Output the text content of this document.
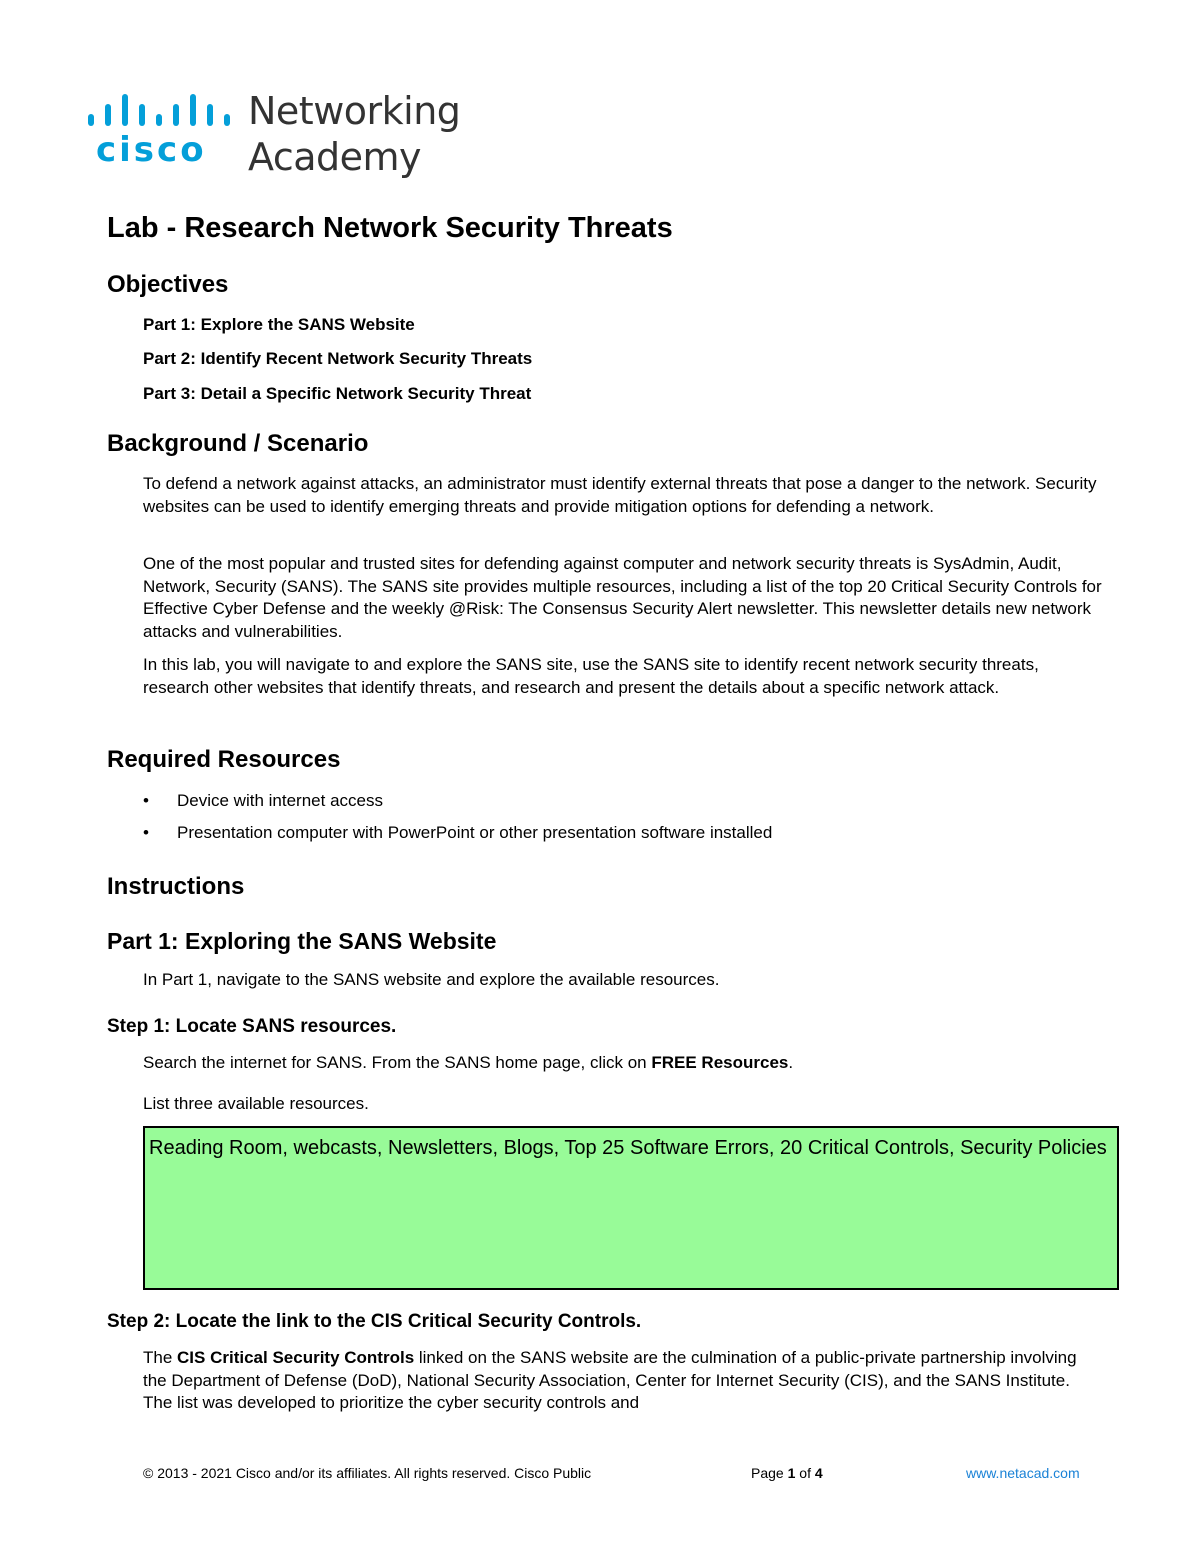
cisco
Networking
Academy
Lab - Research Network Security Threats
Objectives
Part 1: Explore the SANS Website
Part 2: Identify Recent Network Security Threats
Part 3: Detail a Specific Network Security Threat
Background / Scenario

To defend a network against attacks, an administrator must identify external threats that pose a danger to the network. Security websites can be used to identify emerging threats and provide mitigation options for defending a network.

One of the most popular and trusted sites for defending against computer and network security threats is SysAdmin, Audit, Network, Security (SANS). The SANS site provides multiple resources, including a list of the top 20 Critical Security Controls for Effective Cyber Defense and the weekly @Risk: The Consensus Security Alert newsletter. This newsletter details new network attacks and vulnerabilities.

In this lab, you will navigate to and explore the SANS site, use the SANS site to identify recent network security threats, research other websites that identify threats, and research and present the details about a specific network attack.

Required Resources
• Device with internet access
• Presentation computer with PowerPoint or other presentation software installed
Instructions
Part 1: Exploring the SANS Website

In Part 1, navigate to the SANS website and explore the available resources.

Step 1: Locate SANS resources.

Search the internet for SANS. From the SANS home page, click on FREE Resources.

List three available resources.

Reading Room, webcasts, Newsletters, Blogs, Top 25 Software Errors, 20 Critical Controls, Security Policies
Step 2: Locate the link to the CIS Critical Security Controls.

The CIS Critical Security Controls linked on the SANS website are the culmination of a public-private partnership involving the Department of Defense (DoD), National Security Association, Center for Internet Security (CIS), and the SANS Institute. The list was developed to prioritize the cyber security controls and

© 2013 - 2021 Cisco and/or its affiliates. All rights reserved. Cisco Public	Page 1 of 4	www.netacad.com
